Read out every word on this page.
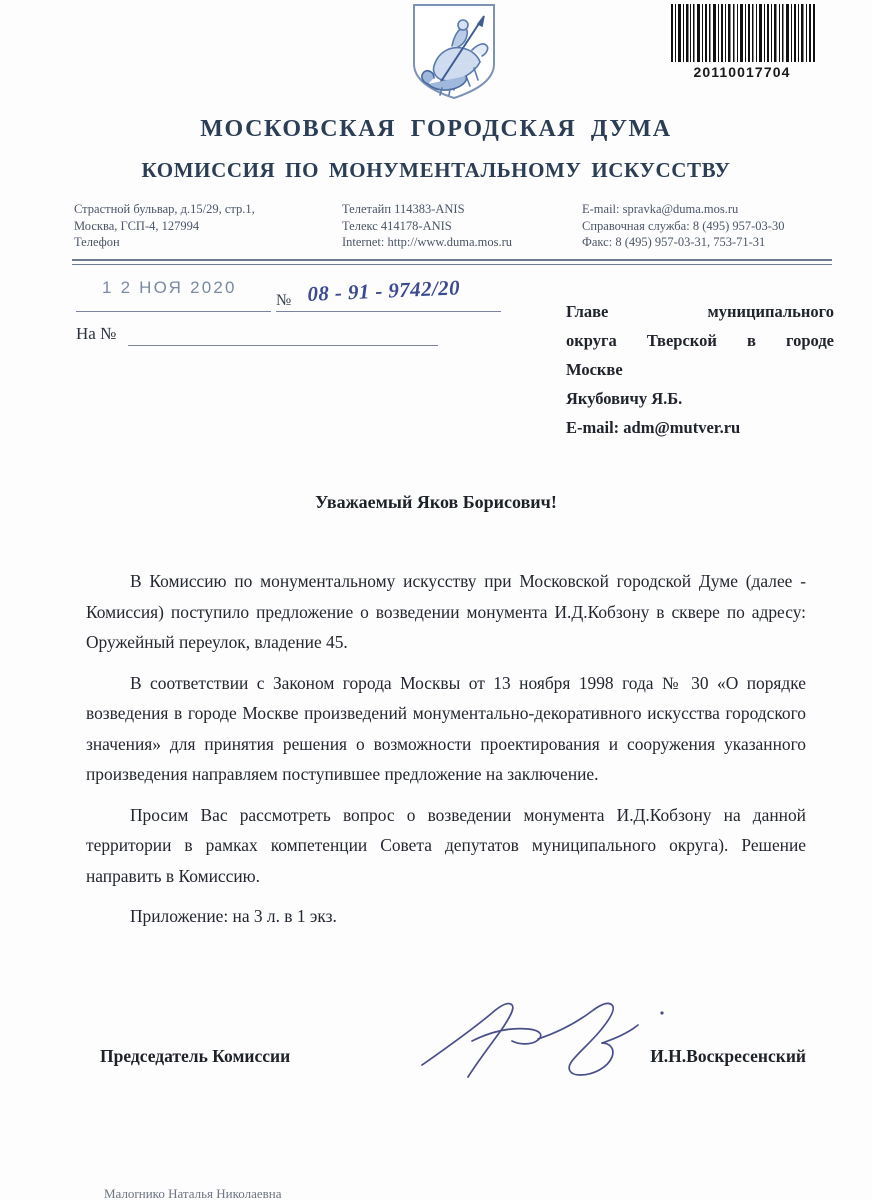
20110017704
МОСКОВСКАЯ ГОРОДСКАЯ ДУМА
КОМИССИЯ ПО МОНУМЕНТАЛЬНОМУ ИСКУССТВУ
Страстной бульвар, д.15/29, стр.1,
Москва, ГСП-4, 127994
Телефон
Телетайп 114383-ANIS
Телекс 414178-ANIS
Internet: http://www.duma.mos.ru
E-mail: spravka@duma.mos.ru
Справочная служба: 8 (495) 957-03-30
Факс: 8 (495) 957-03-31, 753-71-31
1 2 НОЯ 2020
№ 08 - 91 - 9742/20
На №
Главе муниципального
округа Тверской в городе
Москве
Якубовичу Я.Б.
E-mail: adm@mutver.ru
Уважаемый Яков Борисович!

В Комиссию по монументальному искусству при Московской городской Думе (далее - Комиссия) поступило предложение о возведении монумента И.Д.Кобзону в сквере по адресу: Оружейный переулок, владение 45.

В соответствии с Законом города Москвы от 13 ноября 1998 года № 30 «О порядке возведения в городе Москве произведений монументально-декоративного искусства городского значения» для принятия решения о возможности проектирования и сооружения указанного произведения направляем поступившее предложение на заключение.

Просим Вас рассмотреть вопрос о возведении монумента И.Д.Кобзону на данной территории в рамках компетенции Совета депутатов муниципального округа). Решение направить в Комиссию.

Приложение: на 3 л. в 1 экз.

Председатель Комиссии	И.Н.Воскресенский
Малоrнико Наталья Николаевна
